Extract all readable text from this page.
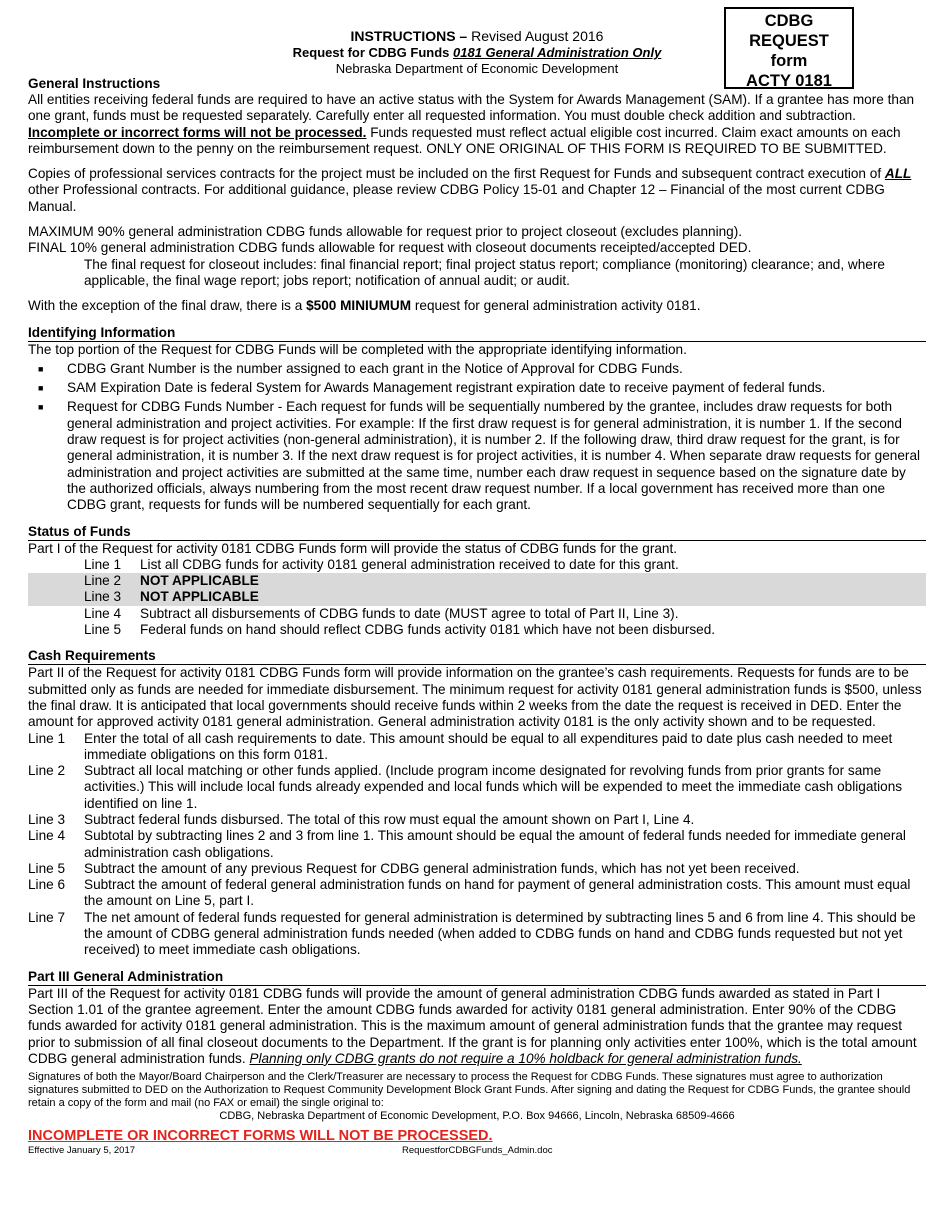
INSTRUCTIONS – Revised August 2016
Request for CDBG Funds 0181 General Administration Only
Nebraska Department of Economic Development
CDBG
REQUEST
form
ACTY 0181
General Instructions

All entities receiving federal funds are required to have an active status with the System for Awards Management (SAM). If a grantee has more than one grant, funds must be requested separately. Carefully enter all requested information. You must double check addition and subtraction. Incomplete or incorrect forms will not be processed. Funds requested must reflect actual eligible cost incurred. Claim exact amounts on each reimbursement down to the penny on the reimbursement request. ONLY ONE ORIGINAL OF THIS FORM IS REQUIRED TO BE SUBMITTED.

Copies of professional services contracts for the project must be included on the first Request for Funds and subsequent contract execution of ALL other Professional contracts. For additional guidance, please review CDBG Policy 15-01 and Chapter 12 – Financial of the most current CDBG Manual.

MAXIMUM 90% general administration CDBG funds allowable for request prior to project closeout (excludes planning).

FINAL 10% general administration CDBG funds allowable for request with closeout documents receipted/accepted DED.

The final request for closeout includes: final financial report; final project status report; compliance (monitoring) clearance; and, where applicable, the final wage report; jobs report; notification of annual audit; or audit.

With the exception of the final draw, there is a $500 MINIUMUM request for general administration activity 0181.

Identifying Information

The top portion of the Request for CDBG Funds will be completed with the appropriate identifying information.

■ CDBG Grant Number is the number assigned to each grant in the Notice of Approval for CDBG Funds.
■ SAM Expiration Date is federal System for Awards Management registrant expiration date to receive payment of federal funds.
■ Request for CDBG Funds Number - Each request for funds will be sequentially numbered by the grantee, includes draw requests for both general administration and project activities. For example: If the first draw request is for general administration, it is number 1. If the second draw request is for project activities (non-general administration), it is number 2. If the following draw, third draw request for the grant, is for general administration, it is number 3. If the next draw request is for project activities, it is number 4. When separate draw requests for general administration and project activities are submitted at the same time, number each draw request in sequence based on the signature date by the authorized officials, always numbering from the most recent draw request number. If a local government has received more than one CDBG grant, requests for funds will be numbered sequentially for each grant.
Status of Funds

Part I of the Request for activity 0181 CDBG Funds form will provide the status of CDBG funds for the grant.

Line 1	List all CDBG funds for activity 0181 general administration received to date for this grant.
Line 2	NOT APPLICABLE
Line 3	NOT APPLICABLE
Line 4	Subtract all disbursements of CDBG funds to date (MUST agree to total of Part II, Line 3).
Line 5	Federal funds on hand should reflect CDBG funds activity 0181 which have not been disbursed.
Cash Requirements

Part II of the Request for activity 0181 CDBG Funds form will provide information on the grantee’s cash requirements. Requests for funds are to be submitted only as funds are needed for immediate disbursement. The minimum request for activity 0181 general administration funds is $500, unless the final draw. It is anticipated that local governments should receive funds within 2 weeks from the date the request is received in DED. Enter the amount for approved activity 0181 general administration. General administration activity 0181 is the only activity shown and to be requested.

Line 1	Enter the total of all cash requirements to date. This amount should be equal to all expenditures paid to date plus cash needed to meet immediate obligations on this form 0181.
Line 2	Subtract all local matching or other funds applied. (Include program income designated for revolving funds from prior grants for same activities.) This will include local funds already expended and local funds which will be expended to meet the immediate cash obligations identified on line 1.
Line 3	Subtract federal funds disbursed. The total of this row must equal the amount shown on Part I, Line 4.
Line 4	Subtotal by subtracting lines 2 and 3 from line 1. This amount should be equal the amount of federal funds needed for immediate general administration cash obligations.
Line 5	Subtract the amount of any previous Request for CDBG general administration funds, which has not yet been received.
Line 6	Subtract the amount of federal general administration funds on hand for payment of general administration costs. This amount must equal the amount on Line 5, part I.
Line 7	The net amount of federal funds requested for general administration is determined by subtracting lines 5 and 6 from line 4. This should be the amount of CDBG general administration funds needed (when added to CDBG funds on hand and CDBG funds requested but not yet received) to meet immediate cash obligations.
Part III General Administration

Part III of the Request for activity 0181 CDBG funds will provide the amount of general administration CDBG funds awarded as stated in Part I Section 1.01 of the grantee agreement. Enter the amount CDBG funds awarded for activity 0181 general administration. Enter 90% of the CDBG funds awarded for activity 0181 general administration. This is the maximum amount of general administration funds that the grantee may request prior to submission of all final closeout documents to the Department. If the grant is for planning only activities enter 100%, which is the total amount CDBG general administration funds. Planning only CDBG grants do not require a 10% holdback for general administration funds.

Signatures of both the Mayor/Board Chairperson and the Clerk/Treasurer are necessary to process the Request for CDBG Funds. These signatures must agree to authorization signatures submitted to DED on the Authorization to Request Community Development Block Grant Funds. After signing and dating the Request for CDBG Funds, the grantee should retain a copy of the form and mail (no FAX or email) the single original to:

CDBG, Nebraska Department of Economic Development, P.O. Box 94666, Lincoln, Nebraska 68509-4666

INCOMPLETE OR INCORRECT FORMS WILL NOT BE PROCESSED.
Effective January 5, 2017	RequestforCDBGFunds_Admin.doc
